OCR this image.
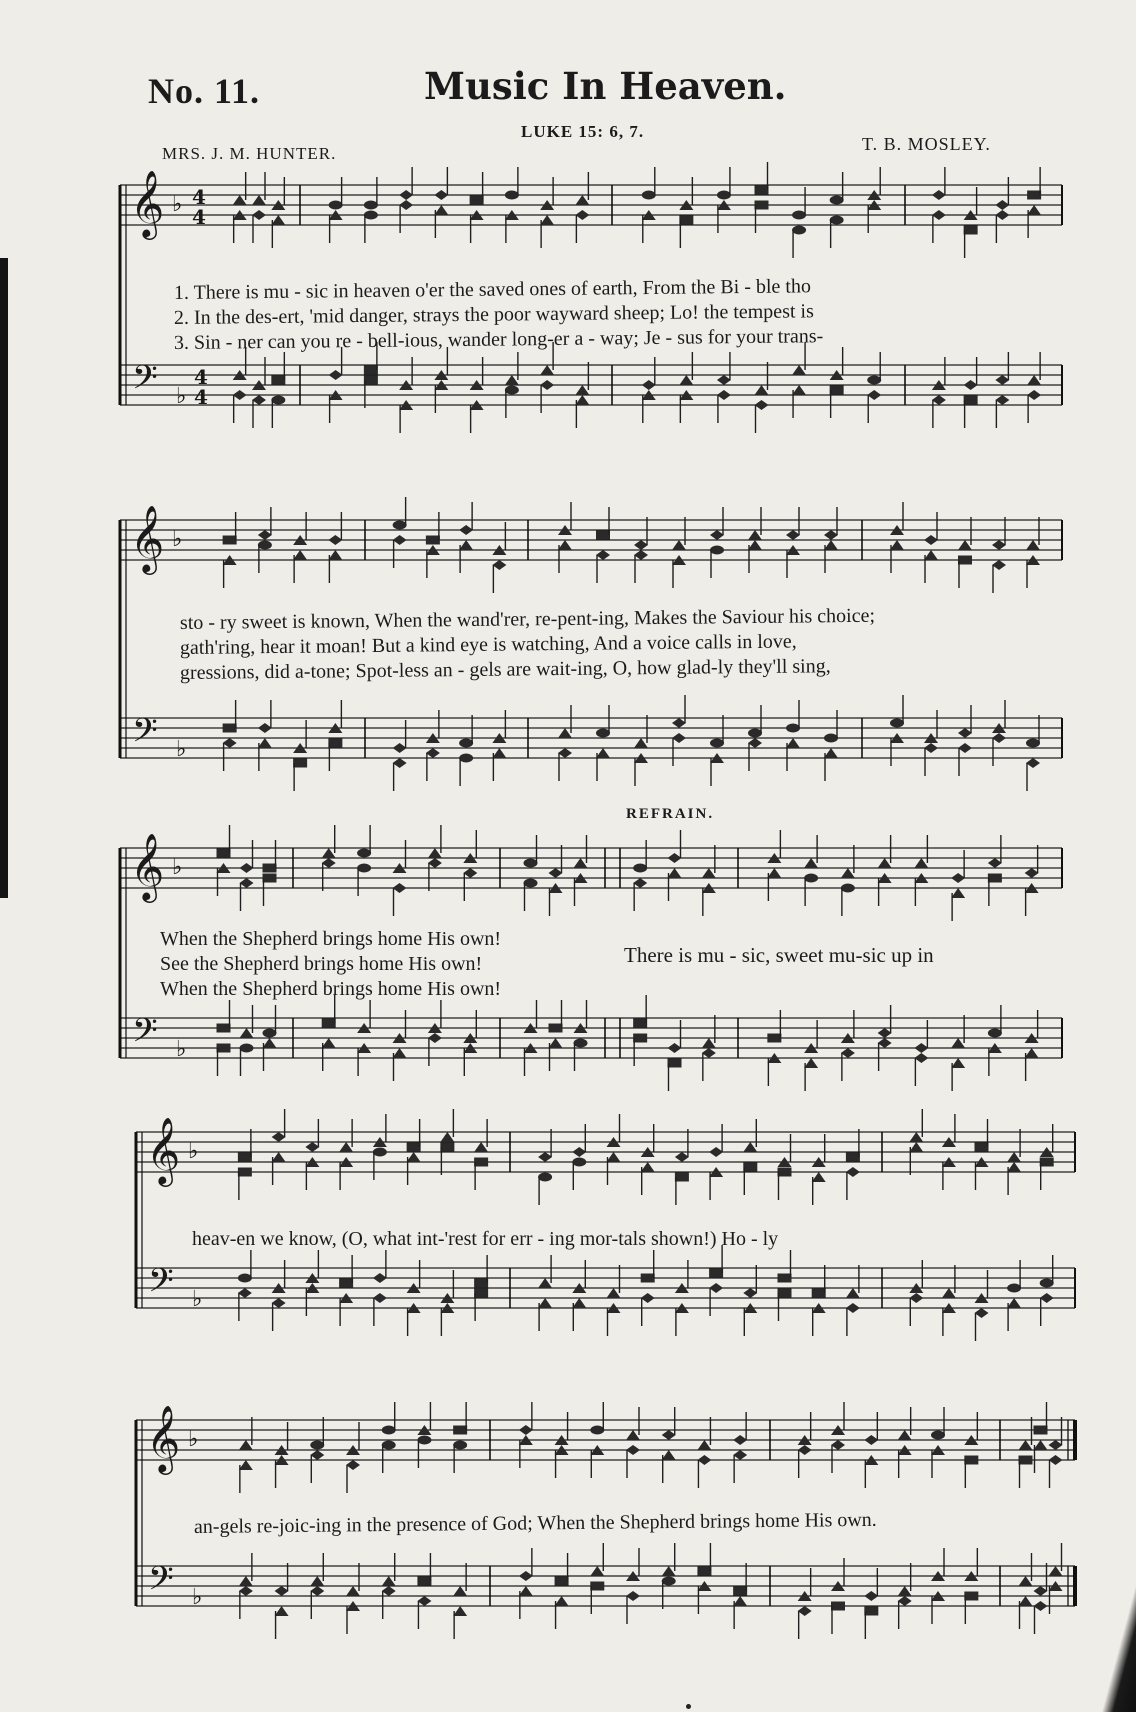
No. 11.	Music In Heaven.
LUKE 15: 6, 7.
MRS. J. M. HUNTER.	T. B. MOSLEY.
REFRAIN.
𝄞
𝄢
♭
♭
4
4
4
4
𝄞
𝄢
♭
♭
𝄞
𝄢
♭
♭
𝄞
𝄢
♭
♭
𝄞
𝄢
♭
♭
1. There is mu - sic in heaven o'er the saved ones of earth, From the Bi - ble tho
2. In the des-ert, 'mid danger, strays the poor wayward sheep; Lo! the tempest is
3. Sin - ner can you re - bell-ious, wander long-er a - way; Je - sus for your trans-
sto - ry sweet is known, When the wand'rer, re-pent-ing, Makes the Saviour his choice;
gath'ring, hear it moan! But a kind eye is watching, And a voice calls in love,
gressions, did a-tone; Spot-less an - gels are wait-ing, O, how glad-ly they'll sing,
When the Shepherd brings home His own!
See the Shepherd brings home His own!
When the Shepherd brings home His own!
There is mu - sic, sweet mu-sic up in
heav-en we know, (O, what int-'rest for err - ing mor-tals shown!) Ho - ly
an-gels re-joic-ing in the presence of God; When the Shepherd brings home His own.
